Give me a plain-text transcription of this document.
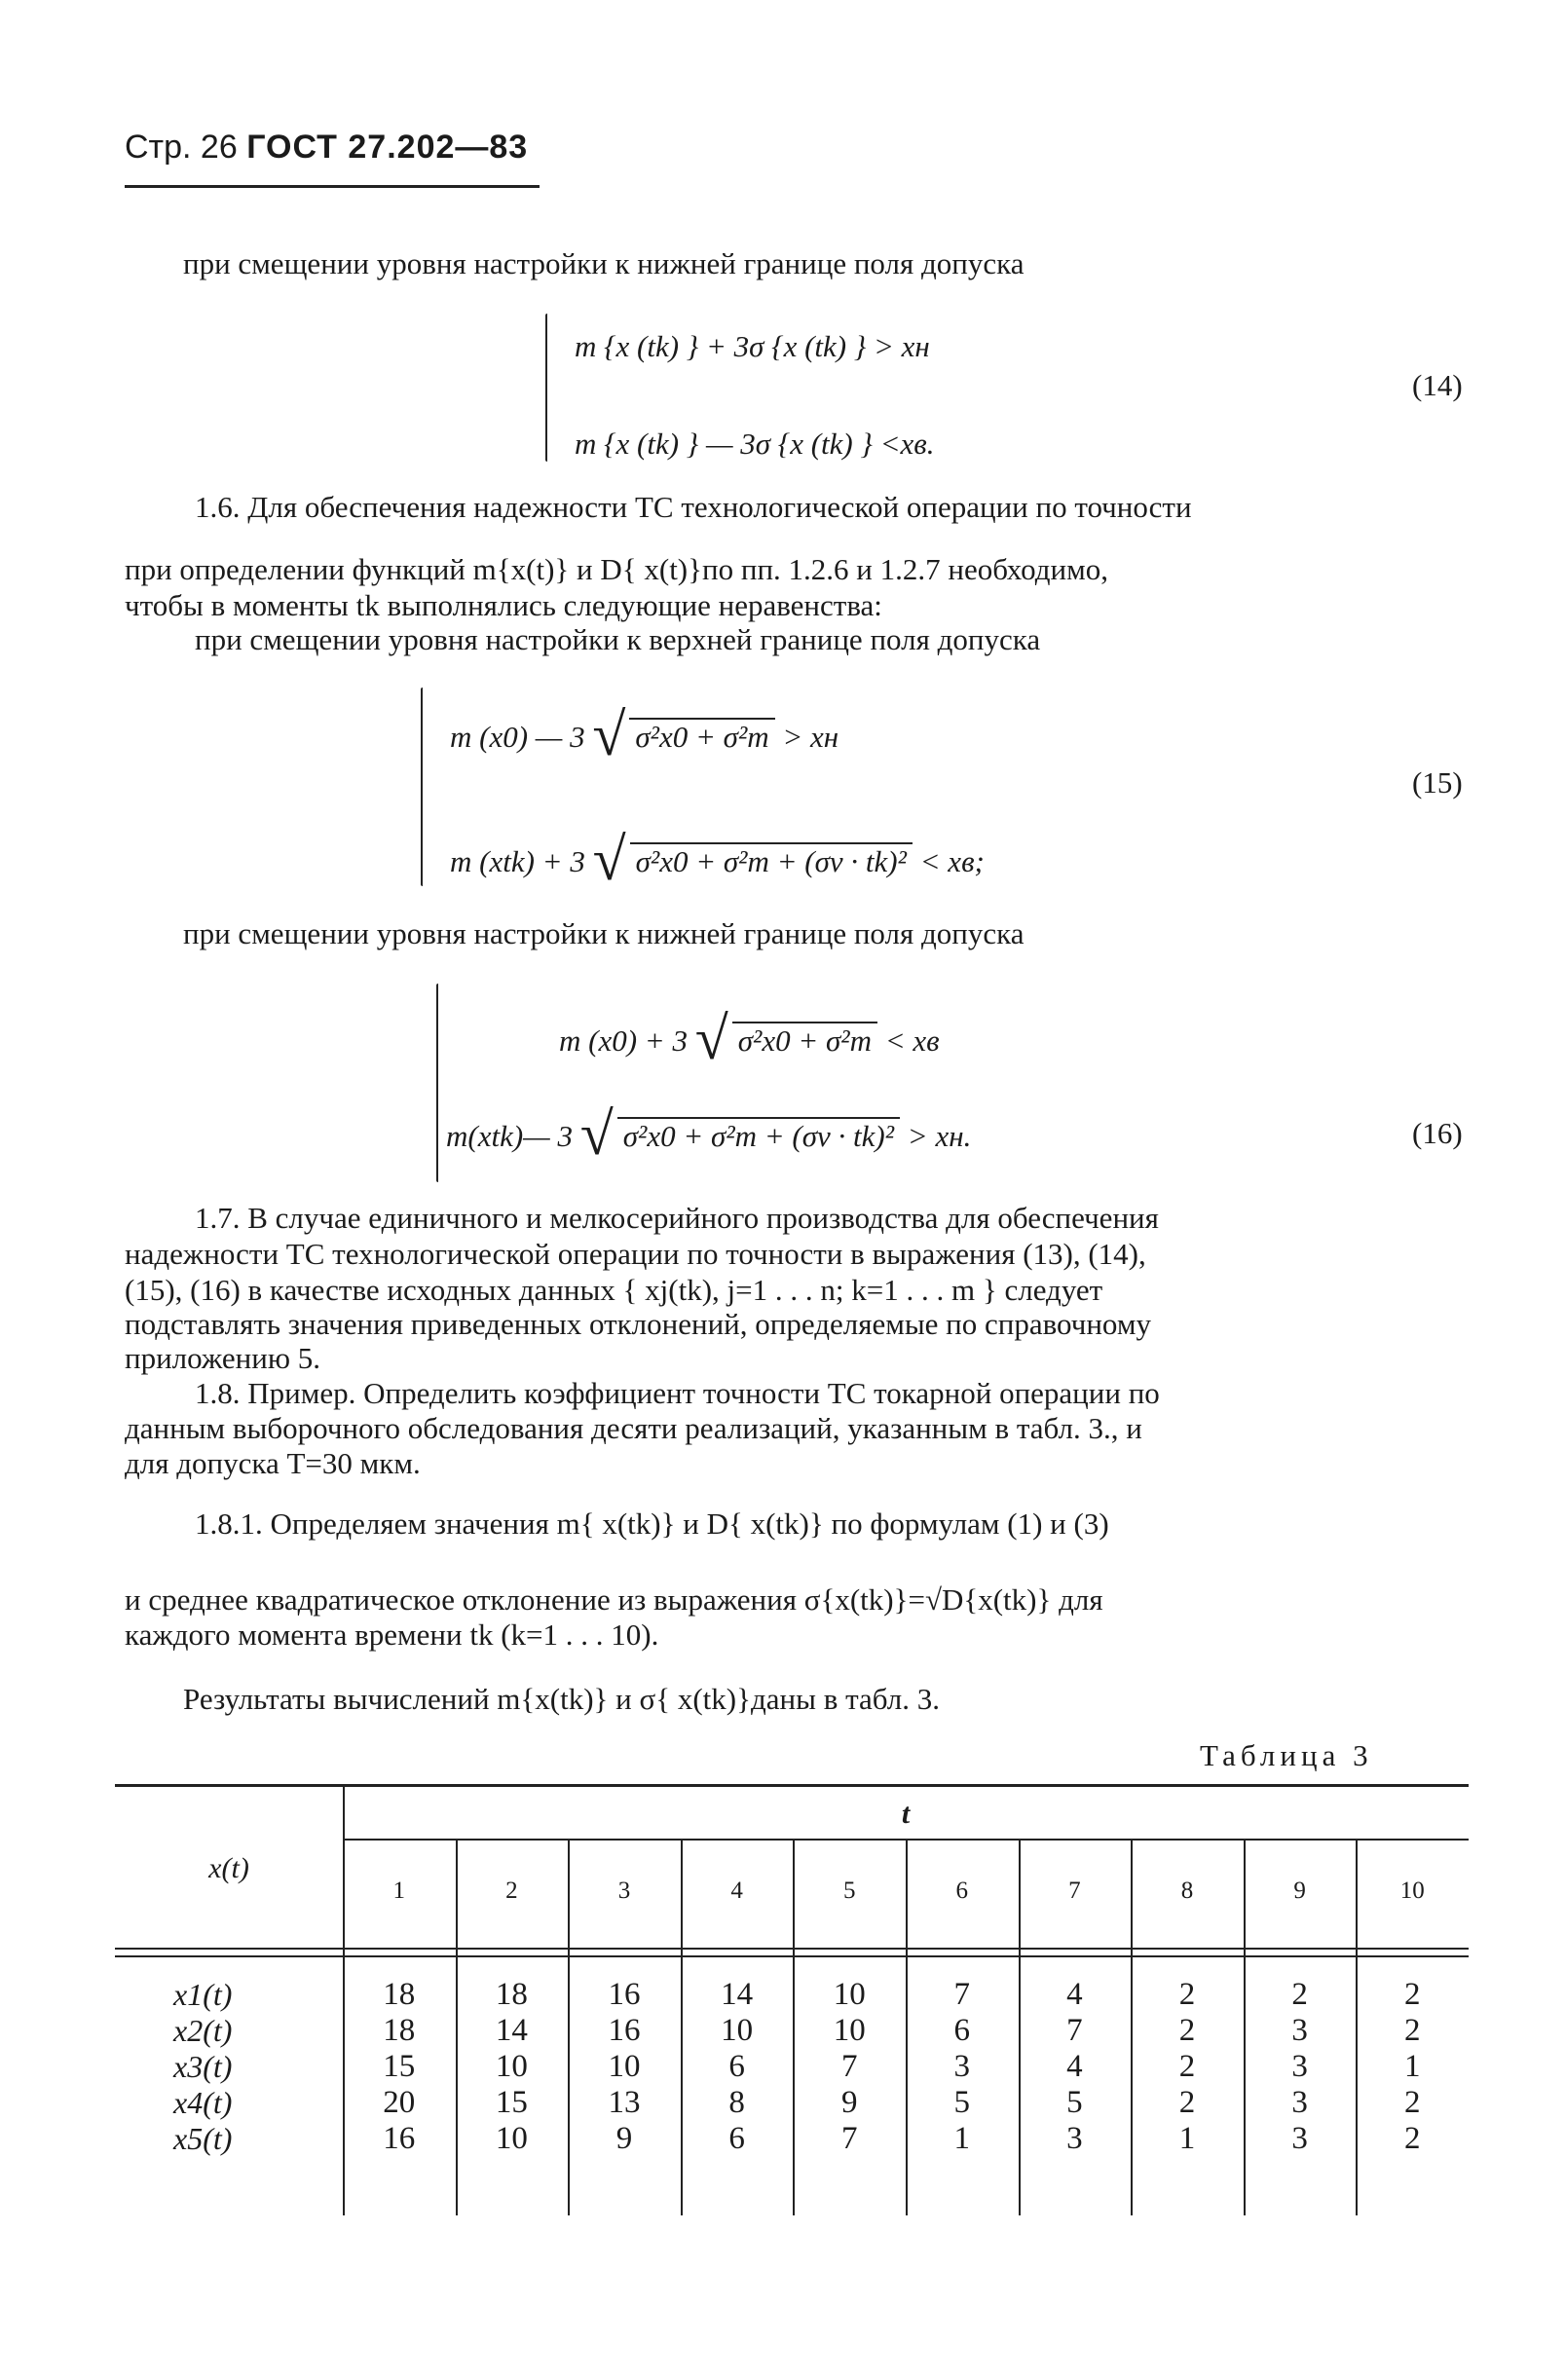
Стр. 26 ГОСТ 27.202—83
при смещении уровня настройки к нижней границе поля допуска
m {x (tk) } + 3σ {x (tk) } > xн
m {x (tk) } — 3σ {x (tk) } <xв.
(14)
1.6. Для обеспечения надежности ТС технологической операции по точности
при определении функций m{x(t)} и D{ x(t)}по пп. 1.2.6 и 1.2.7 необходимо,
чтобы в моменты tk выполнялись следующие неравенства:
при смещении уровня настройки к верхней границе поля допуска
m (x0) — 3 √ σ²x0 + σ²m > xн
m (xtk) + 3 √ σ²x0 + σ²m + (σv · tk)² < xв;
(15)
при смещении уровня настройки к нижней границе поля допуска
m (x0) + 3 √ σ²x0 + σ²m < xв
m(xtk)— 3 √ σ²x0 + σ²m + (σv · tk)² > xн.	(16)
1.7. В случае единичного и мелкосерийного производства для обеспечения
надежности ТС технологической операции по точности в выражения (13), (14),
(15), (16) в качестве исходных данных { xj(tk), j=1 . . . n; k=1 . . . m } следует
подставлять значения приведенных отклонений, определяемые по справочному
приложению 5.
1.8. Пример. Определить коэффициент точности ТС токарной операции по
данным выборочного обследования десяти реализаций, указанным в табл. 3., и
для допуска T=30 мкм.
1.8.1. Определяем значения m{ x(tk)} и D{ x(tk)} по формулам (1) и (3)
и среднее квадратическое отклонение из выражения σ{x(tk)}=√D{x(tk)} для
каждого момента времени tk (k=1 . . . 10).
Результаты вычислений m{x(tk)} и σ{ x(tk)}даны в табл. 3.
Таблица 3
x(t)
t
1	2	3	4	5	6	7	8	9	10
x1(t)	18	18	16	14	10	7	4	2	2	2
x2(t)	18	14	16	10	10	6	7	2	3	2
x3(t)	15	10	10	6	7	3	4	2	3	1
x4(t)	20	15	13	8	9	5	5	2	3	2
x5(t)	16	10	9	6	7	1	3	1	3	2
